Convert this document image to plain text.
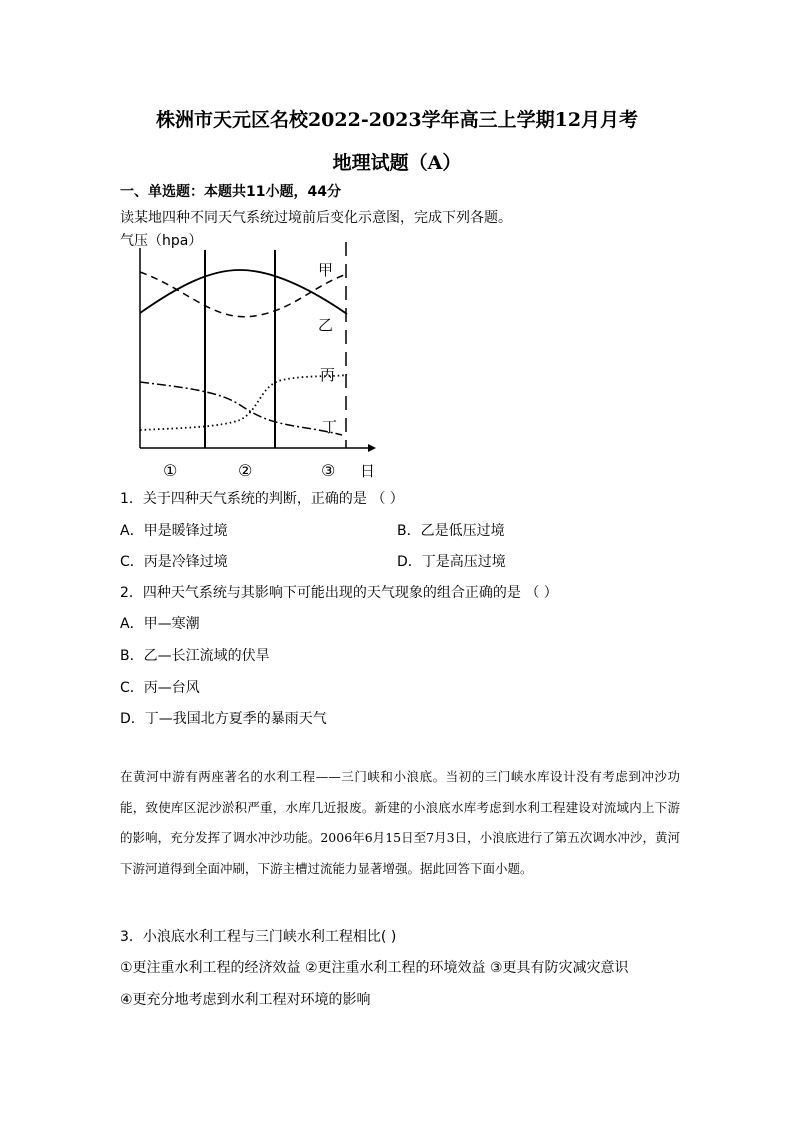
株洲市天元区名校2022-2023学年高三上学期12月月考
地理试题（A）
一、单选题：本题共11小题，44分
读某地四种不同天气系统过境前后变化示意图，完成下列各题。
气压（hpa）
甲
乙
丙
丁
①	②	③ 日
1．关于四种天气系统的判断，正确的是 （ ）
A．甲是暖锋过境	B．乙是低压过境
C．丙是冷锋过境	D．丁是高压过境
2．四种天气系统与其影响下可能出现的天气现象的组合正确的是 （ ）
A．甲—寒潮
B．乙—长江流域的伏旱
C．丙—台风
D．丁—我国北方夏季的暴雨天气

在黄河中游有两座著名的水利工程——三门峡和小浪底。当初的三门峡水库设计没有考虑到冲沙功能，致使库区泥沙淤积严重，水库几近报废。新建的小浪底水库考虑到水利工程建设对流域内上下游的影响，充分发挥了调水冲沙功能。2006年6月15日至7月3日，小浪底进行了第五次调水冲沙，黄河下游河道得到全面冲刷，下游主槽过流能力显著增强。据此回答下面小题。

3．小浪底水利工程与三门峡水利工程相比( )
①更注重水利工程的经济效益 ②更注重水利工程的环境效益 ③更具有防灾减灾意识
④更充分地考虑到水利工程对环境的影响
